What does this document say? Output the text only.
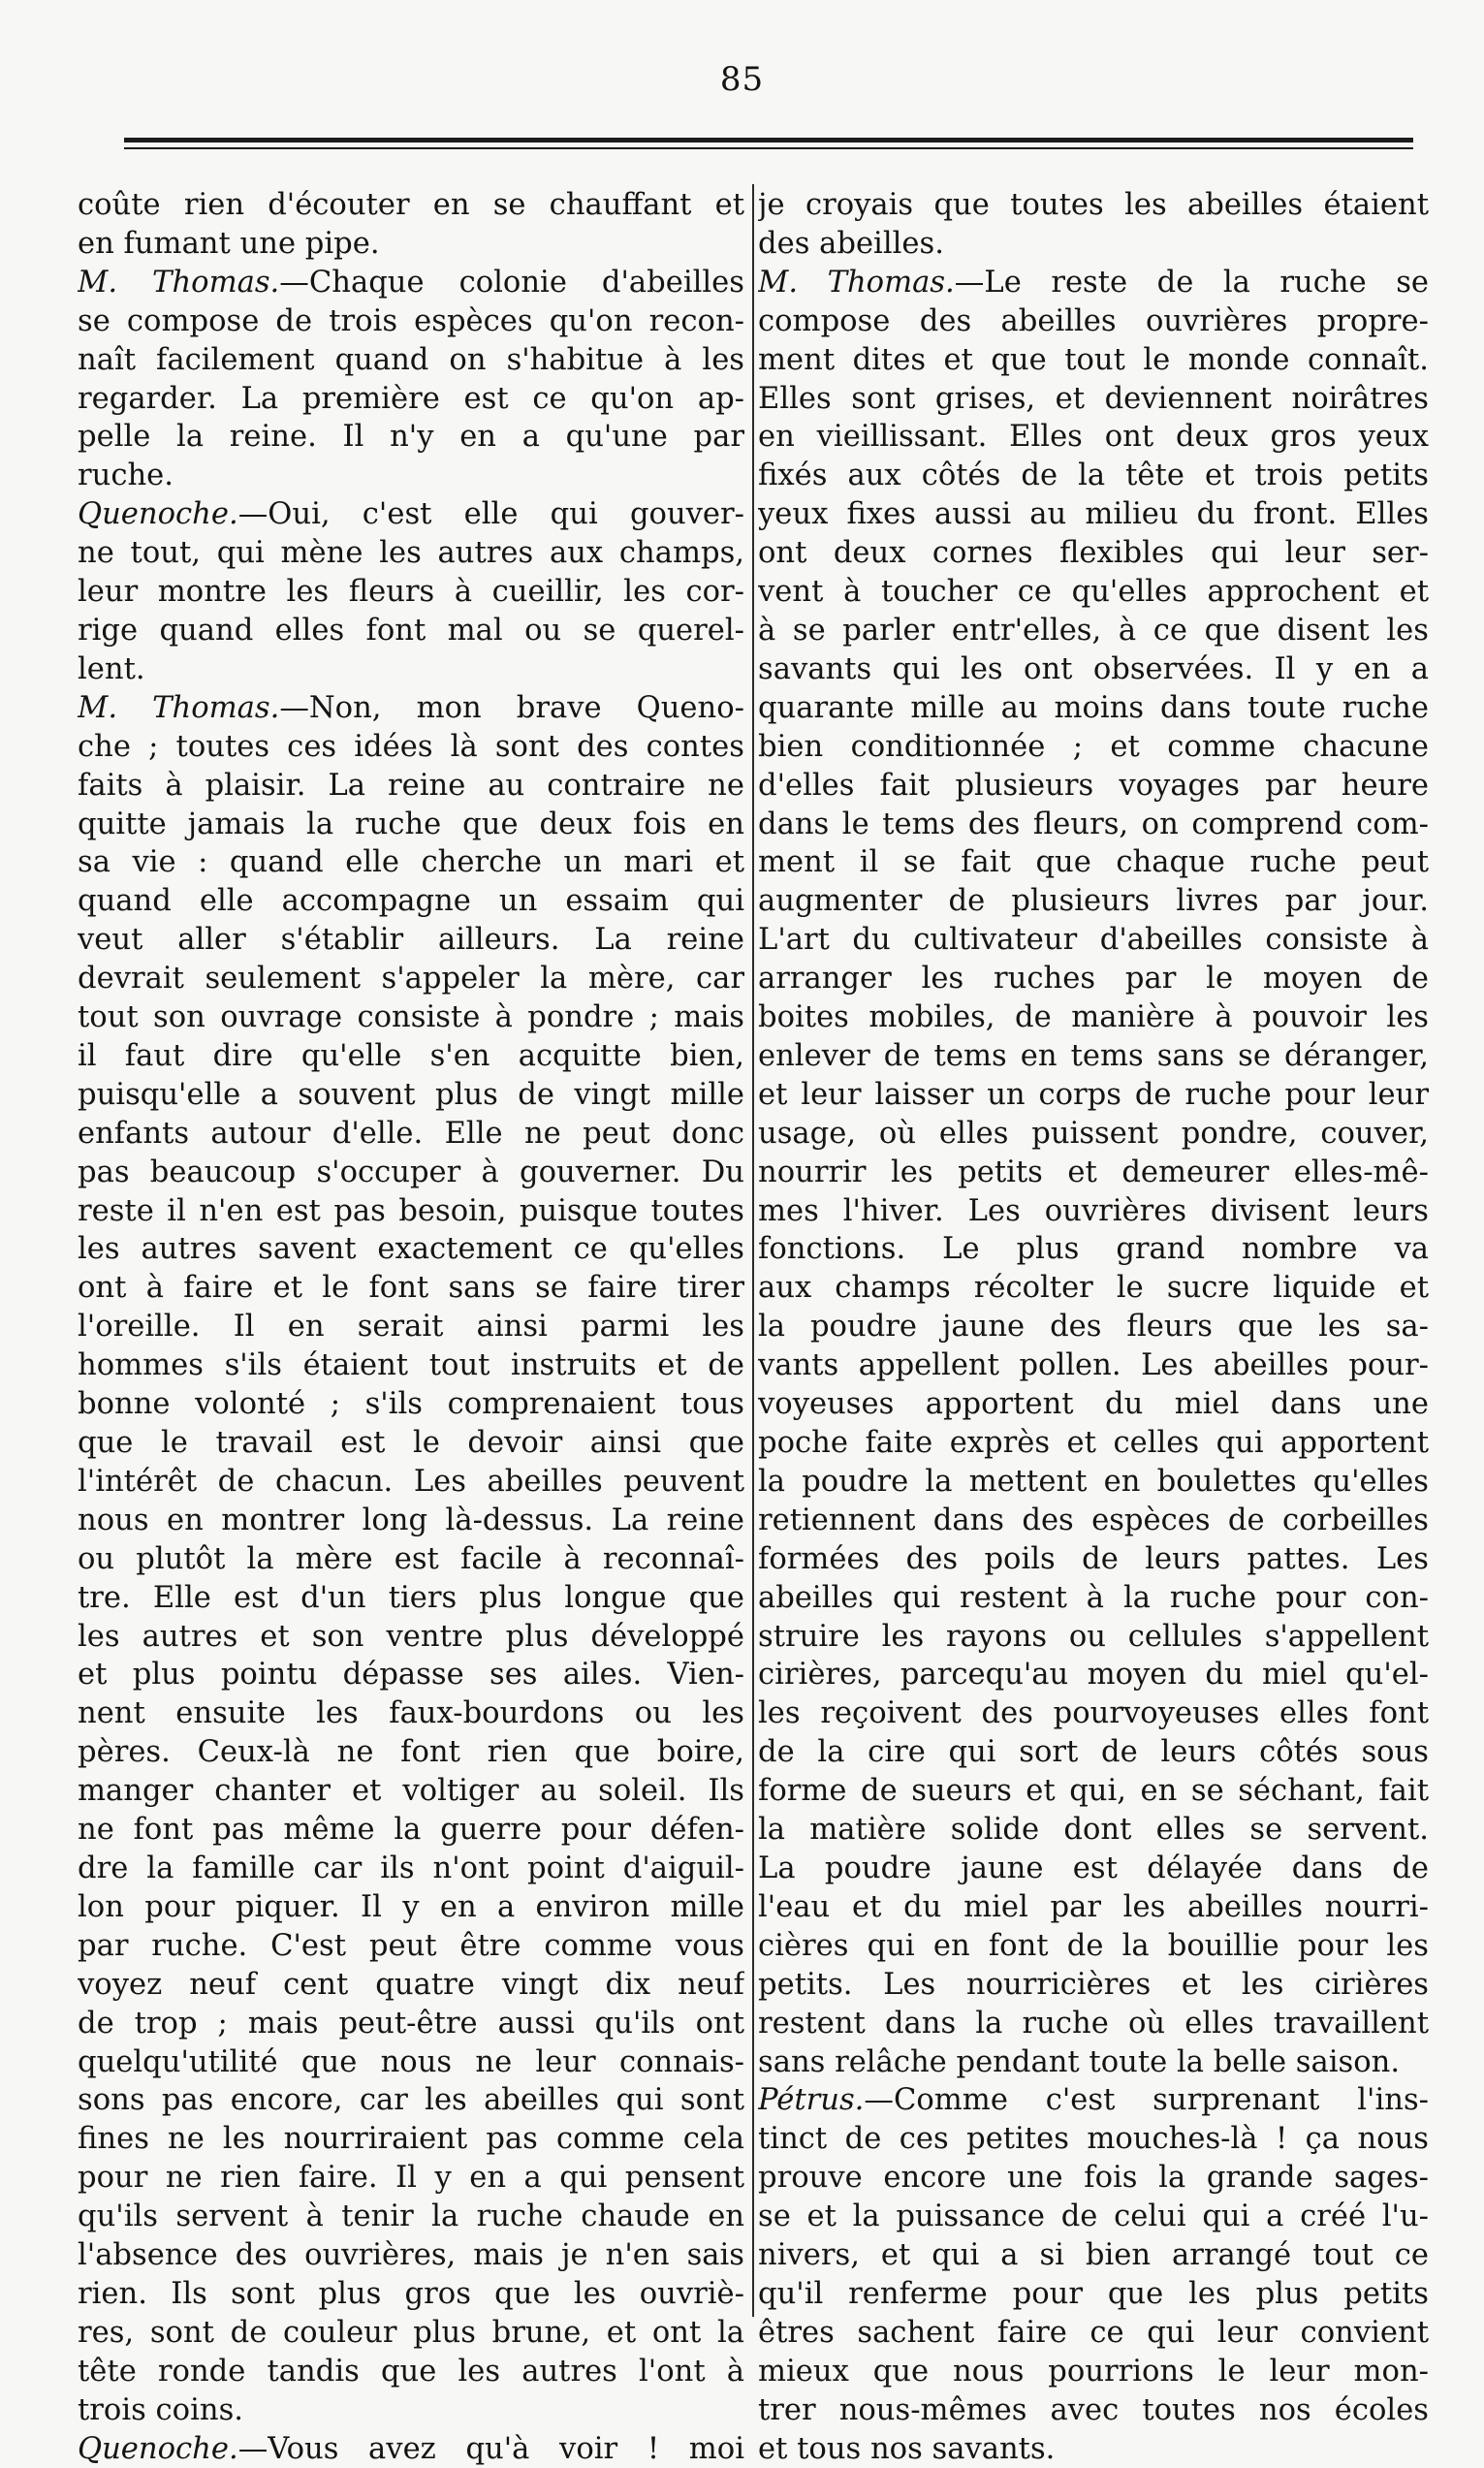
85
coûte rien d'écouter en se chauffant et
en fumant une pipe.
M. Thomas.—Chaque colonie d'abeilles
se compose de trois espèces qu'on recon-
naît facilement quand on s'habitue à les
regarder. La première est ce qu'on ap-
pelle la reine. Il n'y en a qu'une par
ruche.
Quenoche.—Oui, c'est elle qui gouver-
ne tout, qui mène les autres aux champs,
leur montre les fleurs à cueillir, les cor-
rige quand elles font mal ou se querel-
lent.
M. Thomas.—Non, mon brave Queno-
che ; toutes ces idées là sont des contes
faits à plaisir. La reine au contraire ne
quitte jamais la ruche que deux fois en
sa vie : quand elle cherche un mari et
quand elle accompagne un essaim qui
veut aller s'établir ailleurs. La reine
devrait seulement s'appeler la mère, car
tout son ouvrage consiste à pondre ; mais
il faut dire qu'elle s'en acquitte bien,
puisqu'elle a souvent plus de vingt mille
enfants autour d'elle. Elle ne peut donc
pas beaucoup s'occuper à gouverner. Du
reste il n'en est pas besoin, puisque toutes
les autres savent exactement ce qu'elles
ont à faire et le font sans se faire tirer
l'oreille. Il en serait ainsi parmi les
hommes s'ils étaient tout instruits et de
bonne volonté ; s'ils comprenaient tous
que le travail est le devoir ainsi que
l'intérêt de chacun. Les abeilles peuvent
nous en montrer long là-dessus. La reine
ou plutôt la mère est facile à reconnaî-
tre. Elle est d'un tiers plus longue que
les autres et son ventre plus développé
et plus pointu dépasse ses ailes. Vien-
nent ensuite les faux-bourdons ou les
pères. Ceux-là ne font rien que boire,
manger chanter et voltiger au soleil. Ils
ne font pas même la guerre pour défen-
dre la famille car ils n'ont point d'aiguil-
lon pour piquer. Il y en a environ mille
par ruche. C'est peut être comme vous
voyez neuf cent quatre vingt dix neuf
de trop ; mais peut-être aussi qu'ils ont
quelqu'utilité que nous ne leur connais-
sons pas encore, car les abeilles qui sont
fines ne les nourriraient pas comme cela
pour ne rien faire. Il y en a qui pensent
qu'ils servent à tenir la ruche chaude en
l'absence des ouvrières, mais je n'en sais
rien. Ils sont plus gros que les ouvriè-
res, sont de couleur plus brune, et ont la
tête ronde tandis que les autres l'ont à
trois coins.
Quenoche.—Vous avez qu'à voir ! moi
je croyais que toutes les abeilles étaient
des abeilles.
M. Thomas.—Le reste de la ruche se
compose des abeilles ouvrières propre-
ment dites et que tout le monde connaît.
Elles sont grises, et deviennent noirâtres
en vieillissant. Elles ont deux gros yeux
fixés aux côtés de la tête et trois petits
yeux fixes aussi au milieu du front. Elles
ont deux cornes flexibles qui leur ser-
vent à toucher ce qu'elles approchent et
à se parler entr'elles, à ce que disent les
savants qui les ont observées. Il y en a
quarante mille au moins dans toute ruche
bien conditionnée ; et comme chacune
d'elles fait plusieurs voyages par heure
dans le tems des fleurs, on comprend com-
ment il se fait que chaque ruche peut
augmenter de plusieurs livres par jour.
L'art du cultivateur d'abeilles consiste à
arranger les ruches par le moyen de
boites mobiles, de manière à pouvoir les
enlever de tems en tems sans se déranger,
et leur laisser un corps de ruche pour leur
usage, où elles puissent pondre, couver,
nourrir les petits et demeurer elles-mê-
mes l'hiver. Les ouvrières divisent leurs
fonctions. Le plus grand nombre va
aux champs récolter le sucre liquide et
la poudre jaune des fleurs que les sa-
vants appellent pollen. Les abeilles pour-
voyeuses apportent du miel dans une
poche faite exprès et celles qui apportent
la poudre la mettent en boulettes qu'elles
retiennent dans des espèces de corbeilles
formées des poils de leurs pattes. Les
abeilles qui restent à la ruche pour con-
struire les rayons ou cellules s'appellent
cirières, parcequ'au moyen du miel qu'el-
les reçoivent des pourvoyeuses elles font
de la cire qui sort de leurs côtés sous
forme de sueurs et qui, en se séchant, fait
la matière solide dont elles se servent.
La poudre jaune est délayée dans de
l'eau et du miel par les abeilles nourri-
cières qui en font de la bouillie pour les
petits. Les nourricières et les cirières
restent dans la ruche où elles travaillent
sans relâche pendant toute la belle saison.
Pétrus.—Comme c'est surprenant l'ins-
tinct de ces petites mouches-là ! ça nous
prouve encore une fois la grande sages-
se et la puissance de celui qui a créé l'u-
nivers, et qui a si bien arrangé tout ce
qu'il renferme pour que les plus petits
êtres sachent faire ce qui leur convient
mieux que nous pourrions le leur mon-
trer nous-mêmes avec toutes nos écoles
et tous nos savants.
